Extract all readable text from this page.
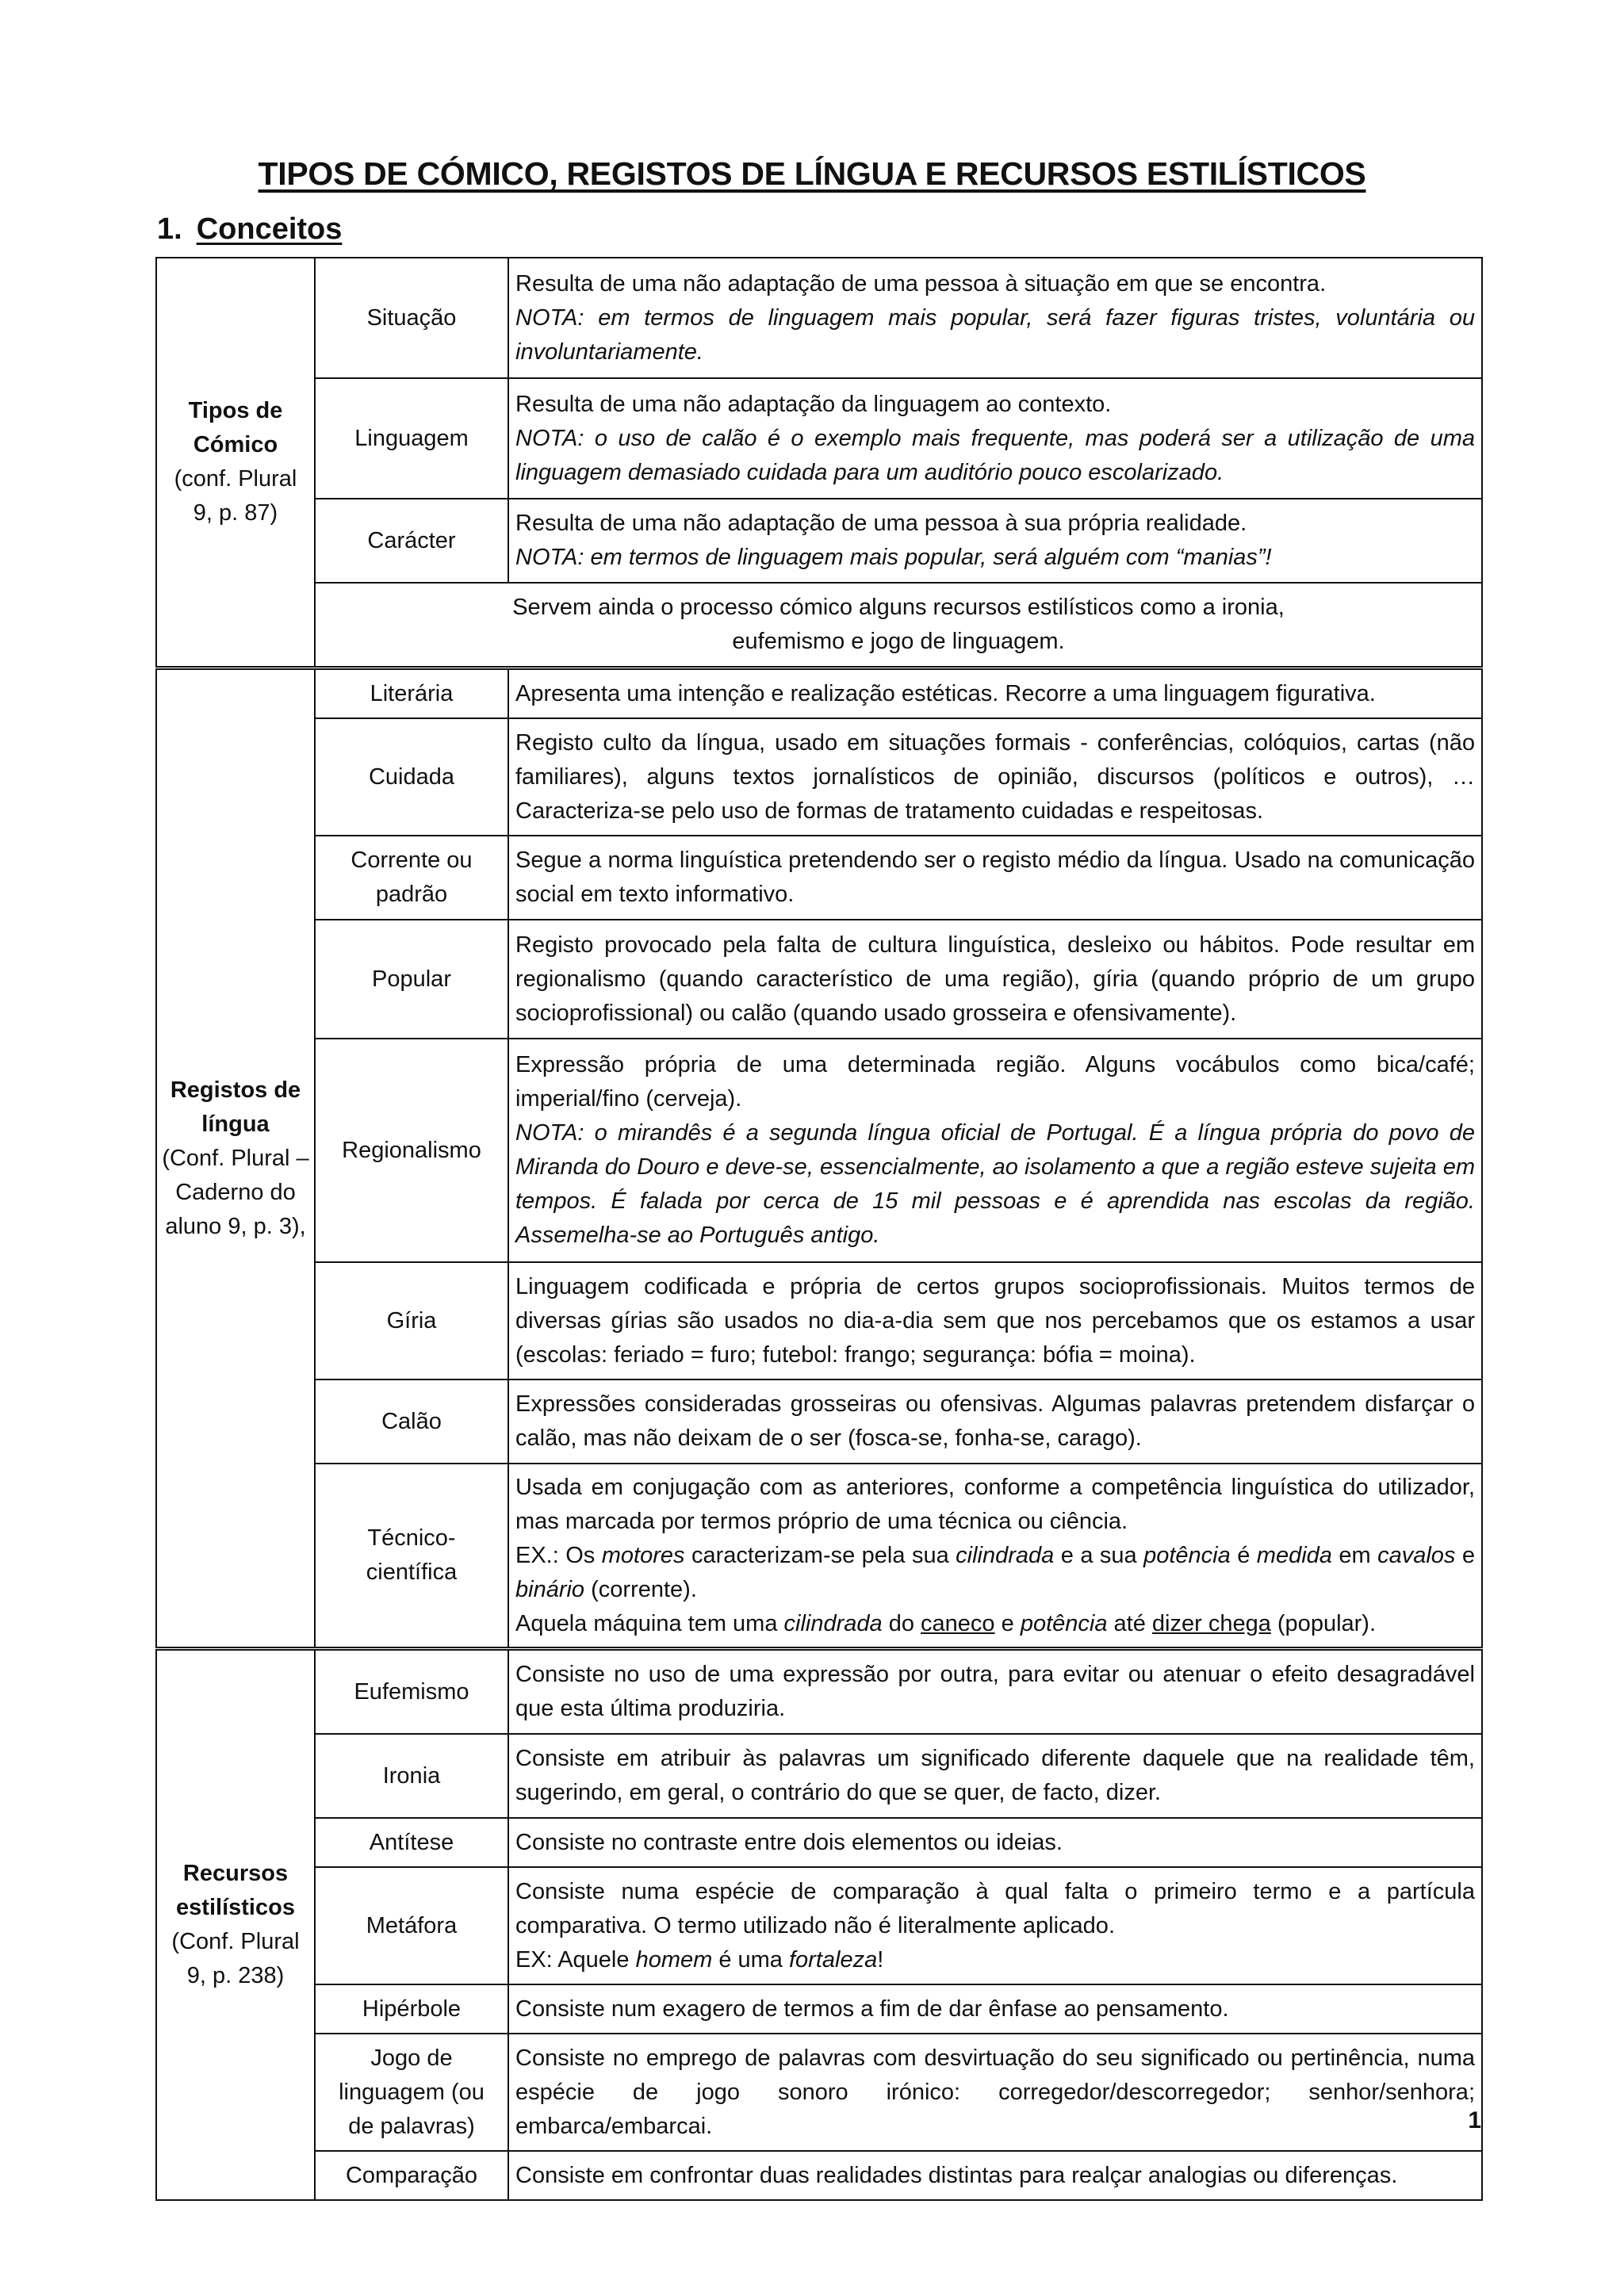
TIPOS DE CÓMICO, REGISTOS DE LÍNGUA E RECURSOS ESTILÍSTICOS
1. Conceitos
Tipos de Cómico
(conf. Plural 9, p. 87)	Situação	Resulta de uma não adaptação de uma pessoa à situação em que se encontra.
NOTA: em termos de linguagem mais popular, será fazer figuras tristes, voluntária ou involuntariamente.

	Linguagem	Resulta de uma não adaptação da linguagem ao contexto.
NOTA: o uso de calão é o exemplo mais frequente, mas poderá ser a utilização de uma linguagem demasiado cuidada para um auditório pouco escolarizado.

	Carácter	Resulta de uma não adaptação de uma pessoa à sua própria realidade.
NOTA: em termos de linguagem mais popular, será alguém com “manias”!

	Servem ainda o processo cómico alguns recursos estilísticos como a ironia,
eufemismo e jogo de linguagem.	

Registos de língua
(Conf. Plural – Caderno do aluno 9, p. 3),	Literária	Apresenta uma intenção e realização estéticas. Recorre a uma linguagem figurativa.
	Cuidada	Registo culto da língua, usado em situações formais - conferências, colóquios, cartas (não familiares), alguns textos jornalísticos de opinião, discursos (políticos e outros), … Caracteriza-se pelo uso de formas de tratamento cuidadas e respeitosas.
	Corrente ou padrão	Segue a norma linguística pretendendo ser o registo médio da língua. Usado na comunicação social em texto informativo.
	Popular	Registo provocado pela falta de cultura linguística, desleixo ou hábitos. Pode resultar em regionalismo (quando característico de uma região), gíria (quando próprio de um grupo socioprofissional) ou calão (quando usado grosseira e ofensivamente).
	Regionalismo	Expressão própria de uma determinada região. Alguns vocábulos como bica/café; imperial/fino (cerveja).
NOTA: o mirandês é a segunda língua oficial de Portugal. É a língua própria do povo de Miranda do Douro e deve-se, essencialmente, ao isolamento a que a região esteve sujeita em tempos. É falada por cerca de 15 mil pessoas e é aprendida nas escolas da região. Assemelha-se ao Português antigo.

	Gíria	Linguagem codificada e própria de certos grupos socioprofissionais. Muitos termos de diversas gírias são usados no dia-a-dia sem que nos percebamos que os estamos a usar (escolas: feriado = furo; futebol: frango; segurança: bófia = moina).
	Calão	Expressões consideradas grosseiras ou ofensivas. Algumas palavras pretendem disfarçar o calão, mas não deixam de o ser (fosca-se, fonha-se, carago).
	Técnico-científica	Usada em conjugação com as anteriores, conforme a competência linguística do utilizador, mas marcada por termos próprio de uma técnica ou ciência.
EX.: Os motores caracterizam-se pela sua cilindrada e a sua potência é medida em cavalos e binário (corrente).
Aquela máquina tem uma cilindrada do caneco e potência até dizer chega (popular).

Recursos estilísticos
(Conf. Plural 9, p. 238)	Eufemismo	Consiste no uso de uma expressão por outra, para evitar ou atenuar o efeito desagradável que esta última produziria.
	Ironia	Consiste em atribuir às palavras um significado diferente daquele que na realidade têm, sugerindo, em geral, o contrário do que se quer, de facto, dizer.
	Antítese	Consiste no contraste entre dois elementos ou ideias.
	Metáfora	Consiste numa espécie de comparação à qual falta o primeiro termo e a partícula comparativa. O termo utilizado não é literalmente aplicado.
EX: Aquele homem é uma fortaleza!

	Hipérbole	Consiste num exagero de termos a fim de dar ênfase ao pensamento.
	Jogo de linguagem (ou de palavras)	Consiste no emprego de palavras com desvirtuação do seu significado ou pertinência, numa espécie de jogo sonoro irónico: corregedor/descorregedor; senhor/senhora; embarca/embarcai.
	Comparação	Consiste em confrontar duas realidades distintas para realçar analogias ou diferenças.
1
